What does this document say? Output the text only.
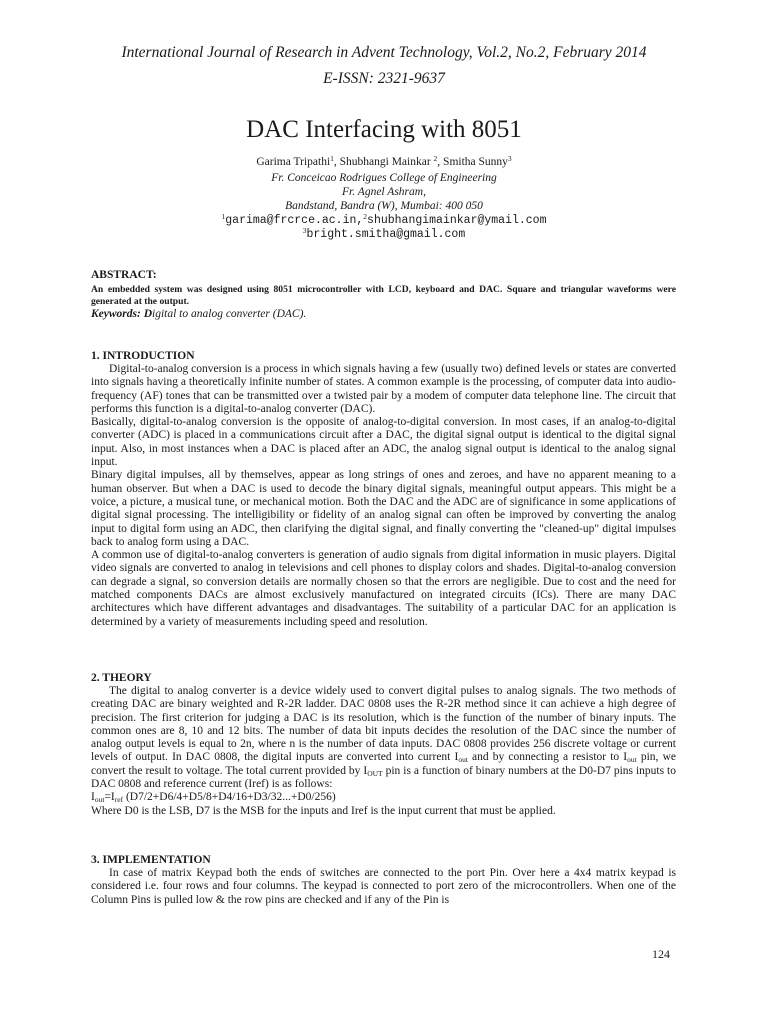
International Journal of Research in Advent Technology, Vol.2, No.2, February 2014
E-ISSN: 2321-9637
DAC Interfacing with 8051
Garima Tripathi$^1$, Shubhangi Mainkar $^2$, Smitha Sunny$^3$
Fr. Conceicao Rodrigues College of Engineering
Fr. Agnel Ashram,
Bandstand, Bandra (W), Mumbai: 400 050
$^1$garima@frcrce.ac.in,$^2$shubhangimainkar@ymail.com
$^3$bright.smitha@gmail.com
ABSTRACT:
An embedded system was designed using 8051 microcontroller with LCD, keyboard and DAC. Square and triangular waveforms were generated at the output.
Keywords: Digital to analog converter (DAC).

1. INTRODUCTION

Digital-to-analog conversion is a process in which signals having a few (usually two) defined levels or states are converted into signals having a theoretically infinite number of states. A common example is the processing, of computer data into audio-frequency (AF) tones that can be transmitted over a twisted pair by a modem of computer data telephone line. The circuit that performs this function is a digital-to-analog converter (DAC).

Basically, digital-to-analog conversion is the opposite of analog-to-digital conversion. In most cases, if an analog-to-digital converter (ADC) is placed in a communications circuit after a DAC, the digital signal output is identical to the digital signal input. Also, in most instances when a DAC is placed after an ADC, the analog signal output is identical to the analog signal input.

Binary digital impulses, all by themselves, appear as long strings of ones and zeroes, and have no apparent meaning to a human observer. But when a DAC is used to decode the binary digital signals, meaningful output appears. This might be a voice, a picture, a musical tune, or mechanical motion. Both the DAC and the ADC are of significance in some applications of digital signal processing. The intelligibility or fidelity of an analog signal can often be improved by converting the analog input to digital form using an ADC, then clarifying the digital signal, and finally converting the "cleaned-up" digital impulses back to analog form using a DAC.

A common use of digital-to-analog converters is generation of audio signals from digital information in music players. Digital video signals are converted to analog in televisions and cell phones to display colors and shades. Digital-to-analog conversion can degrade a signal, so conversion details are normally chosen so that the errors are negligible. Due to cost and the need for matched components DACs are almost exclusively manufactured on integrated circuits (ICs). There are many DAC architectures which have different advantages and disadvantages. The suitability of a particular DAC for an application is determined by a variety of measurements including speed and resolution.

2. THEORY

The digital to analog converter is a device widely used to convert digital pulses to analog signals. The two methods of creating DAC are binary weighted and R-2R ladder. DAC 0808 uses the R-2R method since it can achieve a high degree of precision. The first criterion for judging a DAC is its resolution, which is the function of the number of binary inputs. The common ones are 8, 10 and 12 bits. The number of data bit inputs decides the resolution of the DAC since the number of analog output levels is equal to 2n, where n is the number of data inputs. DAC 0808 provides 256 discrete voltage or current levels of output. In DAC 0808, the digital inputs are converted into current $I_{out}$ and by connecting a resistor to $I_{out}$ pin, we convert the result to voltage. The total current provided by $I_{OUT}$ pin is a function of binary numbers at the D0-D7 pins inputs to DAC 0808 and reference current (Iref) is as follows:

$I_{out}=I_{ref}$ (D7/2+D6/4+D5/8+D4/16+D3/32...+D0/256)

Where D0 is the LSB, D7 is the MSB for the inputs and Iref is the input current that must be applied.

3. IMPLEMENTATION

In case of matrix Keypad both the ends of switches are connected to the port Pin. Over here a 4x4 matrix keypad is considered i.e. four rows and four columns. The keypad is connected to port zero of the microcontrollers. When one of the Column Pins is pulled low & the row pins are checked and if any of the Pin is

124
